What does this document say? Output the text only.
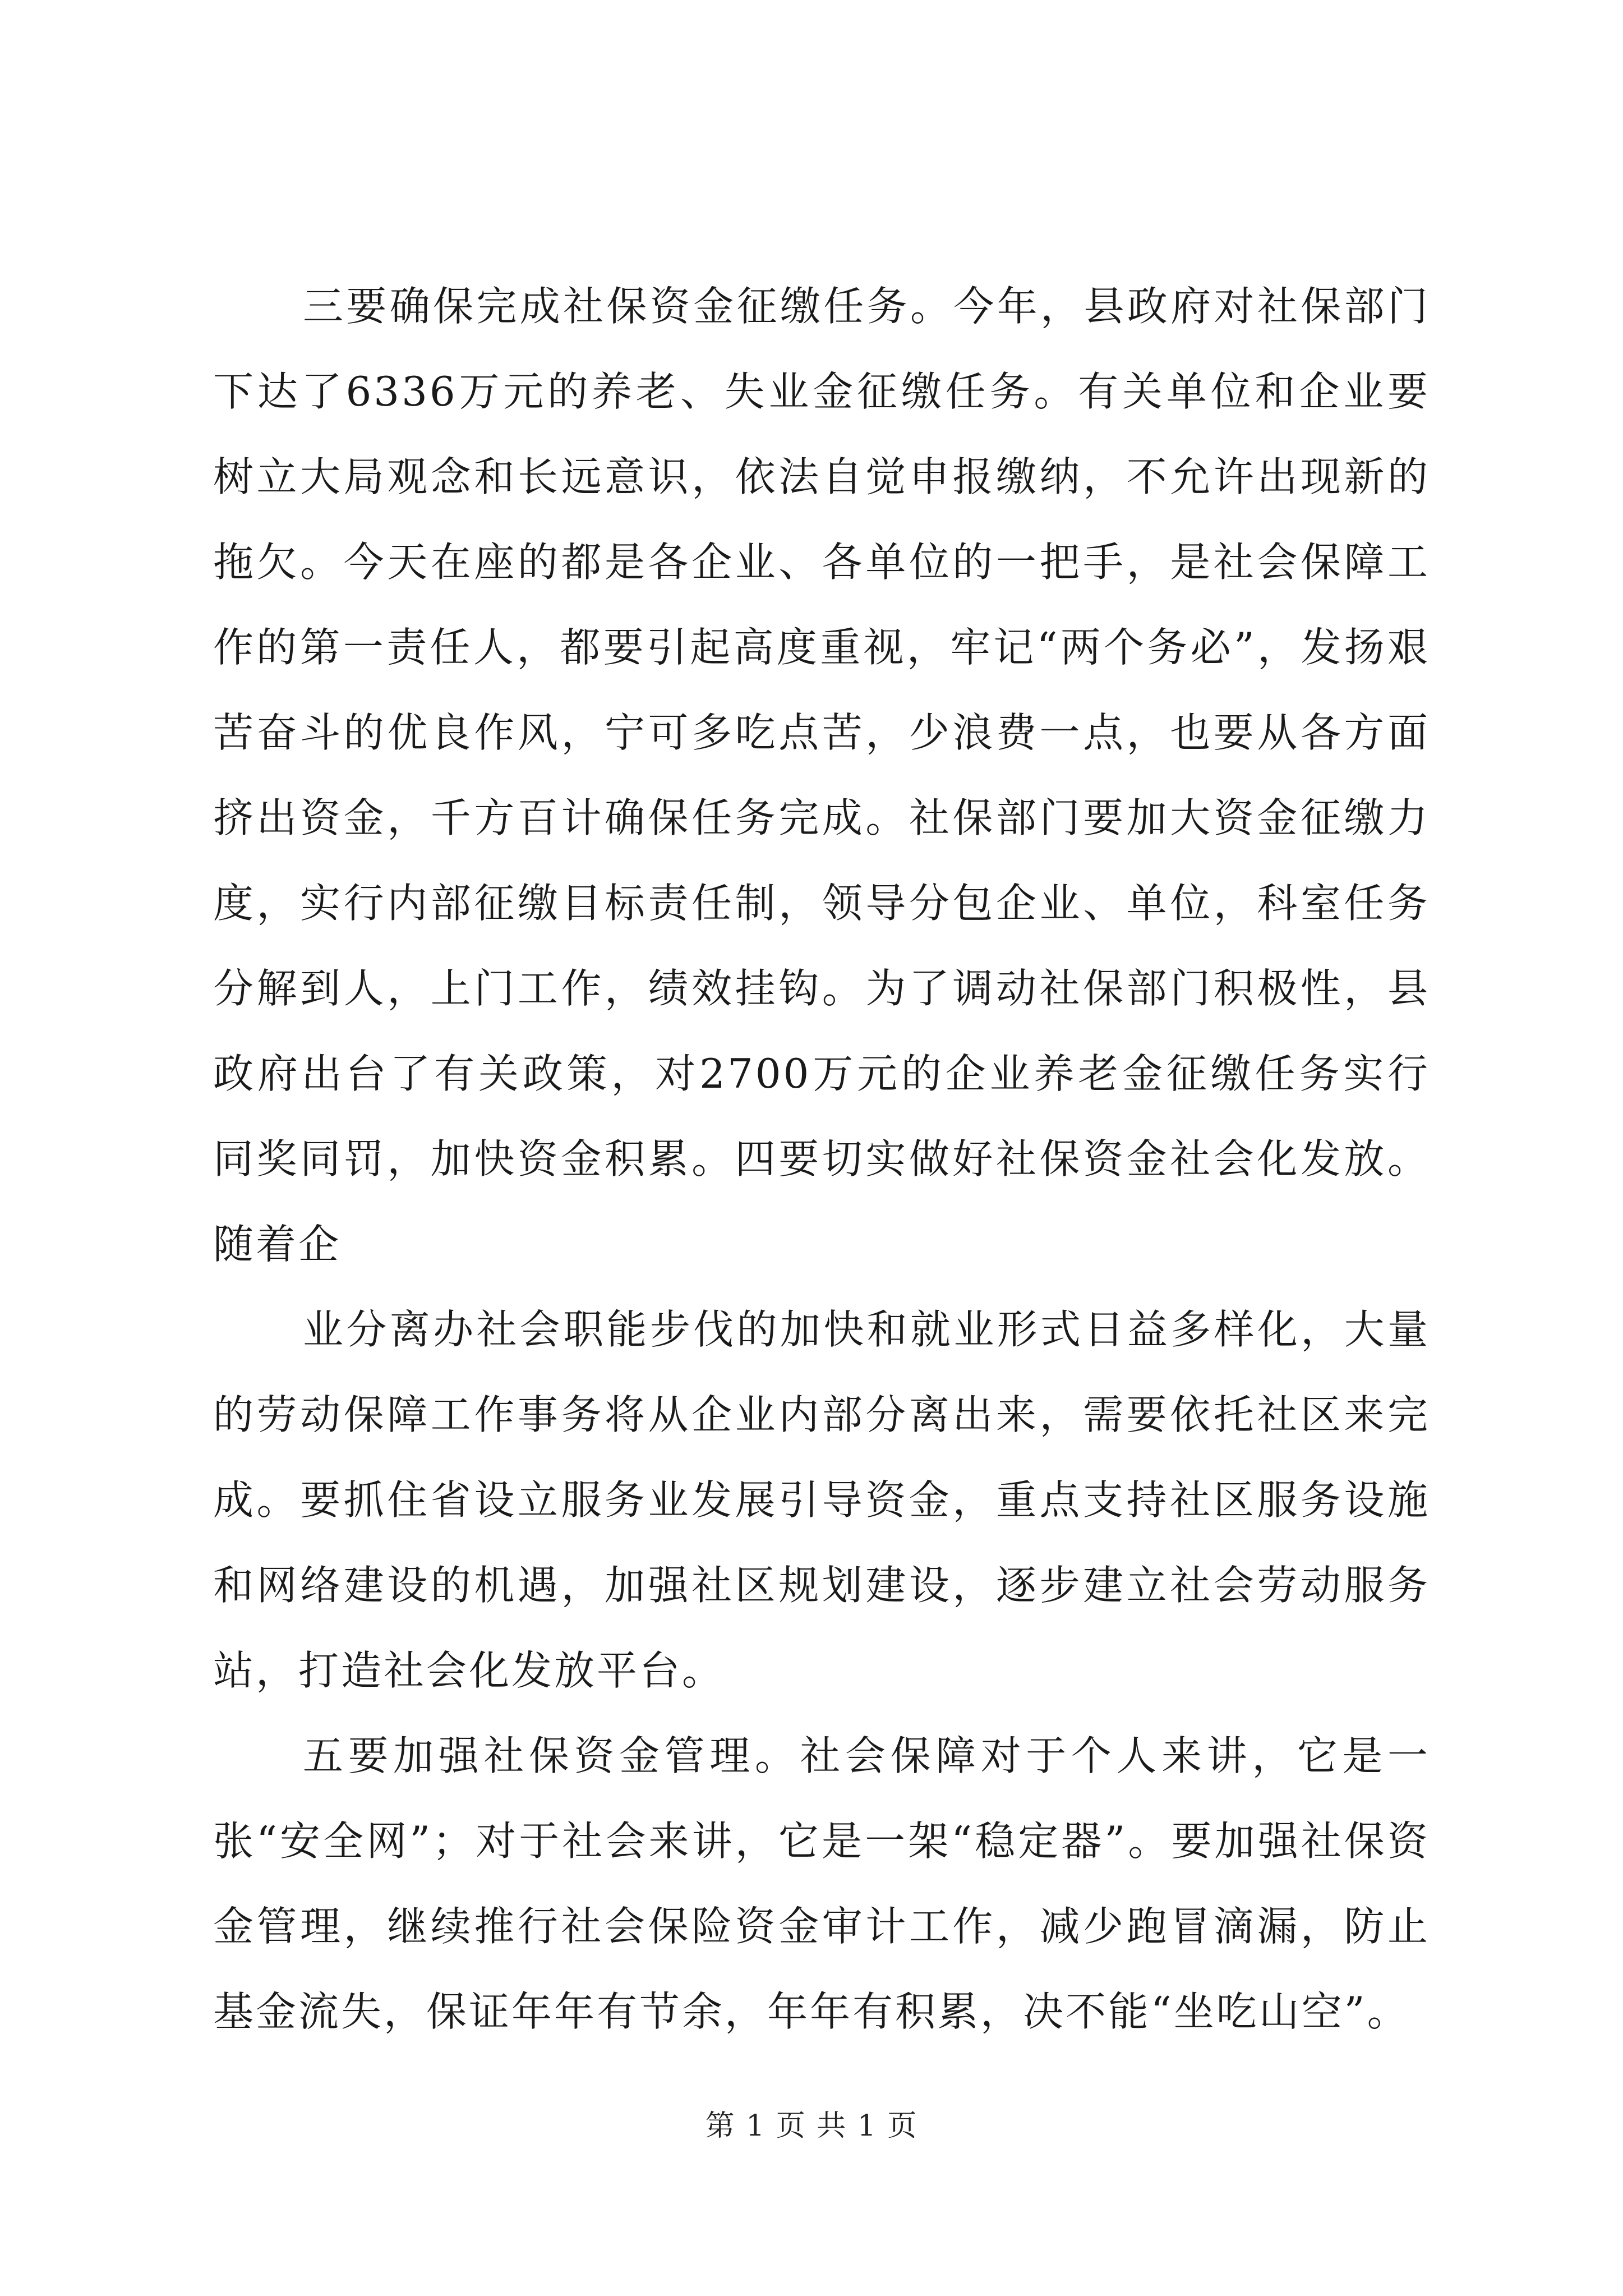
三要确保完成社保资金征缴任务。今年，县政府对社保部门下达了6336万元的养老、失业金征缴任务。有关单位和企业要树立大局观念和长远意识，依法自觉申报缴纳，不允许出现新的拖欠。今天在座的都是各企业、各单位的一把手，是社会保障工作的第一责任人，都要引起高度重视，牢记“两个务必”，发扬艰苦奋斗的优良作风，宁可多吃点苦，少浪费一点，也要从各方面挤出资金，千方百计确保任务完成。社保部门要加大资金征缴力度，实行内部征缴目标责任制，领导分包企业、单位，科室任务分解到人，上门工作，绩效挂钩。为了调动社保部门积极性，县政府出台了有关政策，对2700万元的企业养老金征缴任务实行同奖同罚，加快资金积累。四要切实做好社保资金社会化发放。随着企

业分离办社会职能步伐的加快和就业形式日益多样化，大量的劳动保障工作事务将从企业内部分离出来，需要依托社区来完成。要抓住省设立服务业发展引导资金，重点支持社区服务设施和网络建设的机遇，加强社区规划建设，逐步建立社会劳动服务站，打造社会化发放平台。

五要加强社保资金管理。社会保障对于个人来讲，它是一张“安全网”；对于社会来讲，它是一架“稳定器”。要加强社保资金管理，继续推行社会保险资金审计工作，减少跑冒滴漏，防止基金流失，保证年年有节余，年年有积累，决不能“坐吃山空”。

第 1 页 共 1 页
